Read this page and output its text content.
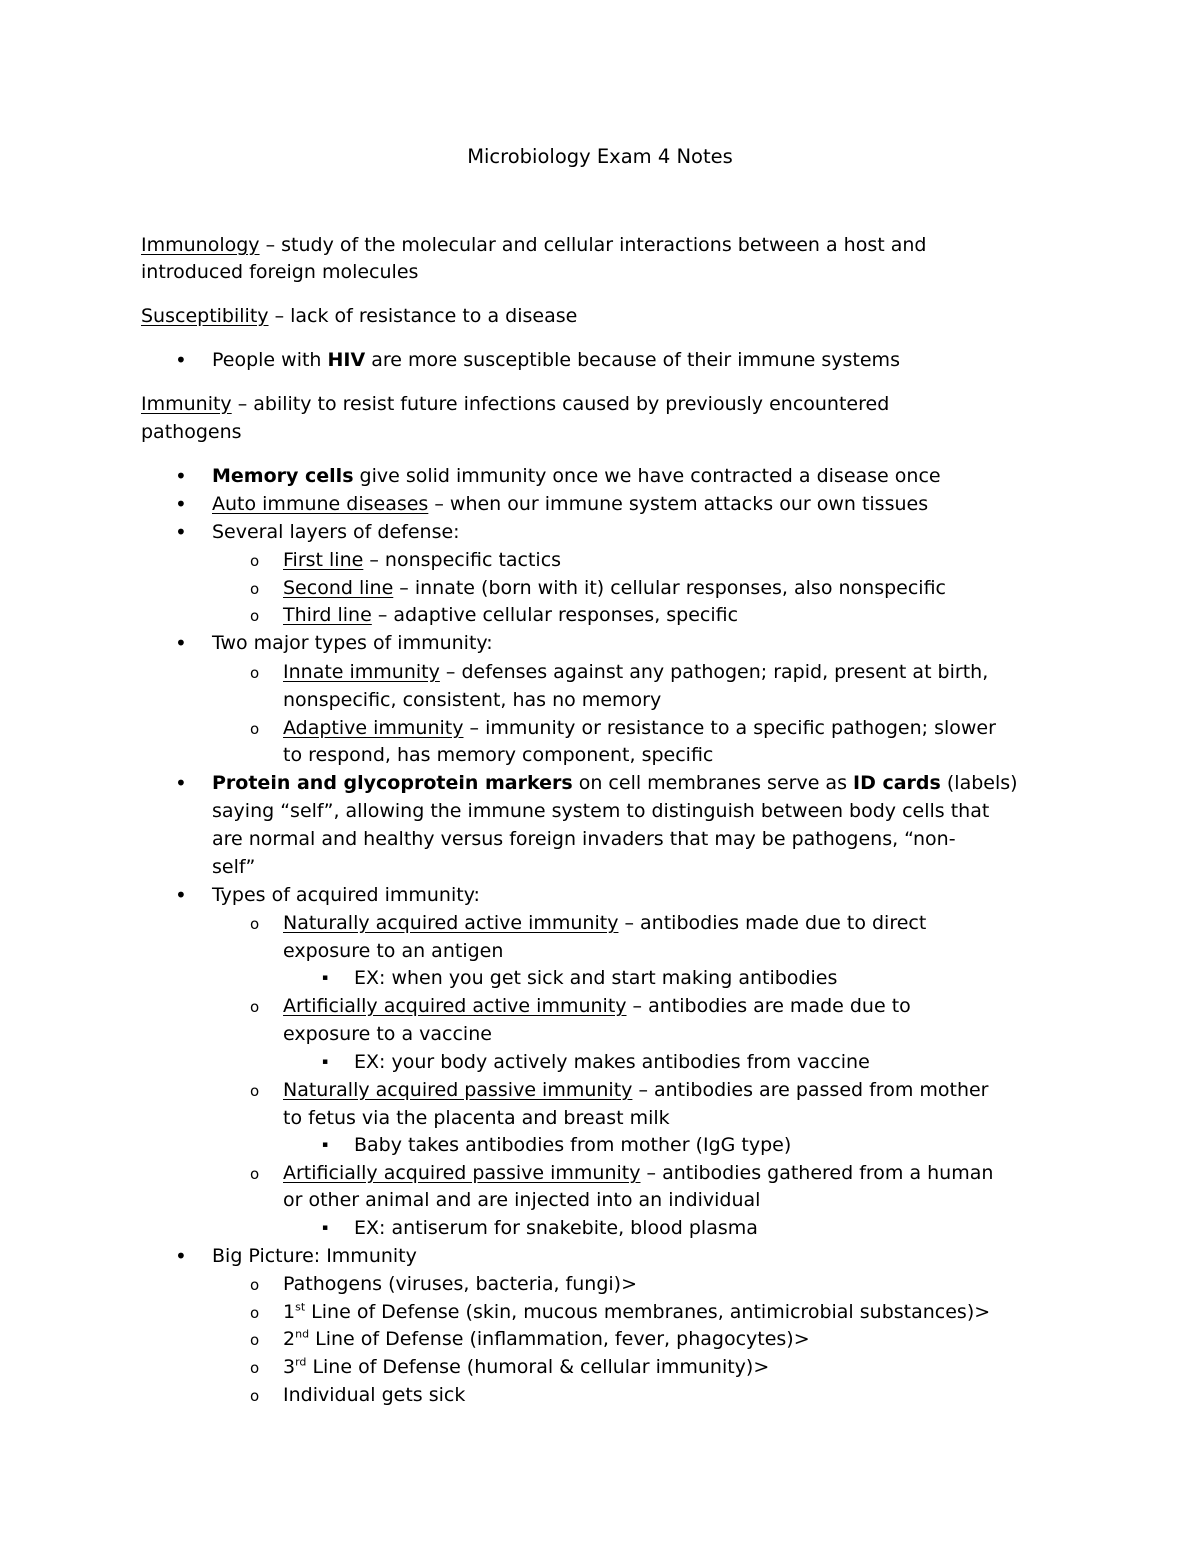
Microbiology Exam 4 Notes
Immunology – study of the molecular and cellular interactions between a host and
introduced foreign molecules
Susceptibility – lack of resistance to a disease
• People with HIV are more susceptible because of their immune systems
Immunity – ability to resist future infections caused by previously encountered
pathogens
• Memory cells give solid immunity once we have contracted a disease once
• Auto immune diseases – when our immune system attacks our own tissues
• Several layers of defense:
o First line – nonspecific tactics
o Second line – innate (born with it) cellular responses, also nonspecific
o Third line – adaptive cellular responses, specific
• Two major types of immunity:
o Innate immunity – defenses against any pathogen; rapid, present at birth,
nonspecific, consistent, has no memory
o Adaptive immunity – immunity or resistance to a specific pathogen; slower
to respond, has memory component, specific
• Protein and glycoprotein markers on cell membranes serve as ID cards (labels)
saying “self”, allowing the immune system to distinguish between body cells that
are normal and healthy versus foreign invaders that may be pathogens, “non-
self”
• Types of acquired immunity:
o Naturally acquired active immunity – antibodies made due to direct
exposure to an antigen
▪ EX: when you get sick and start making antibodies
o Artificially acquired active immunity – antibodies are made due to
exposure to a vaccine
▪ EX: your body actively makes antibodies from vaccine
o Naturally acquired passive immunity – antibodies are passed from mother
to fetus via the placenta and breast milk
▪ Baby takes antibodies from mother (IgG type)
o Artificially acquired passive immunity – antibodies gathered from a human
or other animal and are injected into an individual
▪ EX: antiserum for snakebite, blood plasma
• Big Picture: Immunity
o Pathogens (viruses, bacteria, fungi)>
o 1st Line of Defense (skin, mucous membranes, antimicrobial substances)>
o 2nd Line of Defense (inflammation, fever, phagocytes)>
o 3rd Line of Defense (humoral & cellular immunity)>
o Individual gets sick
